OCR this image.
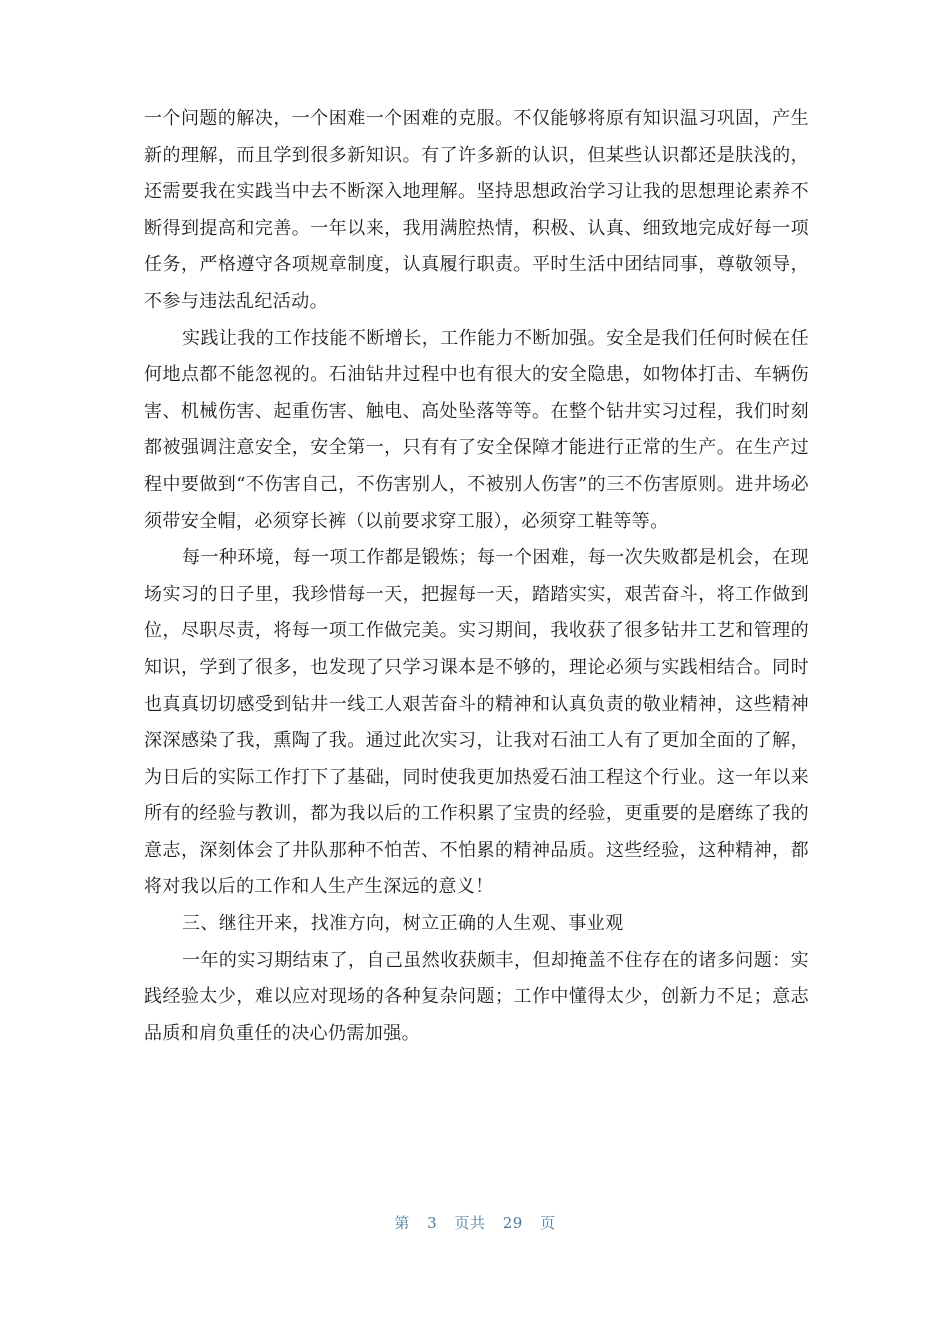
一个问题的解决，一个困难一个困难的克服。不仅能够将原有知识温习巩固，产生新的理解，而且学到很多新知识。有了许多新的认识，但某些认识都还是肤浅的，还需要我在实践当中去不断深入地理解。坚持思想政治学习让我的思想理论素养不断得到提高和完善。一年以来，我用满腔热情，积极、认真、细致地完成好每一项任务，严格遵守各项规章制度，认真履行职责。平时生活中团结同事，尊敬领导，不参与违法乱纪活动。

实践让我的工作技能不断增长，工作能力不断加强。安全是我们任何时候在任何地点都不能忽视的。石油钻井过程中也有很大的安全隐患，如物体打击、车辆伤害、机械伤害、起重伤害、触电、高处坠落等等。在整个钻井实习过程，我们时刻都被强调注意安全，安全第一，只有有了安全保障才能进行正常的生产。在生产过程中要做到“不伤害自己，不伤害别人，不被别人伤害”的三不伤害原则。进井场必须带安全帽，必须穿长裤（以前要求穿工服），必须穿工鞋等等。

每一种环境，每一项工作都是锻炼；每一个困难，每一次失败都是机会，在现场实习的日子里，我珍惜每一天，把握每一天，踏踏实实，艰苦奋斗，将工作做到位，尽职尽责，将每一项工作做完美。实习期间，我收获了很多钻井工艺和管理的知识，学到了很多，也发现了只学习课本是不够的，理论必须与实践相结合。同时也真真切切感受到钻井一线工人艰苦奋斗的精神和认真负责的敬业精神，这些精神深深感染了我，熏陶了我。通过此次实习，让我对石油工人有了更加全面的了解，为日后的实际工作打下了基础，同时使我更加热爱石油工程这个行业。这一年以来所有的经验与教训，都为我以后的工作积累了宝贵的经验，更重要的是磨练了我的意志，深刻体会了井队那种不怕苦、不怕累的精神品质。这些经验，这种精神，都将对我以后的工作和人生产生深远的意义！

三、继往开来，找准方向，树立正确的人生观、事业观

一年的实习期结束了，自己虽然收获颇丰，但却掩盖不住存在的诸多问题：实践经验太少，难以应对现场的各种复杂问题；工作中懂得太少，创新力不足；意志品质和肩负重任的决心仍需加强。

第 3 页共 29 页
